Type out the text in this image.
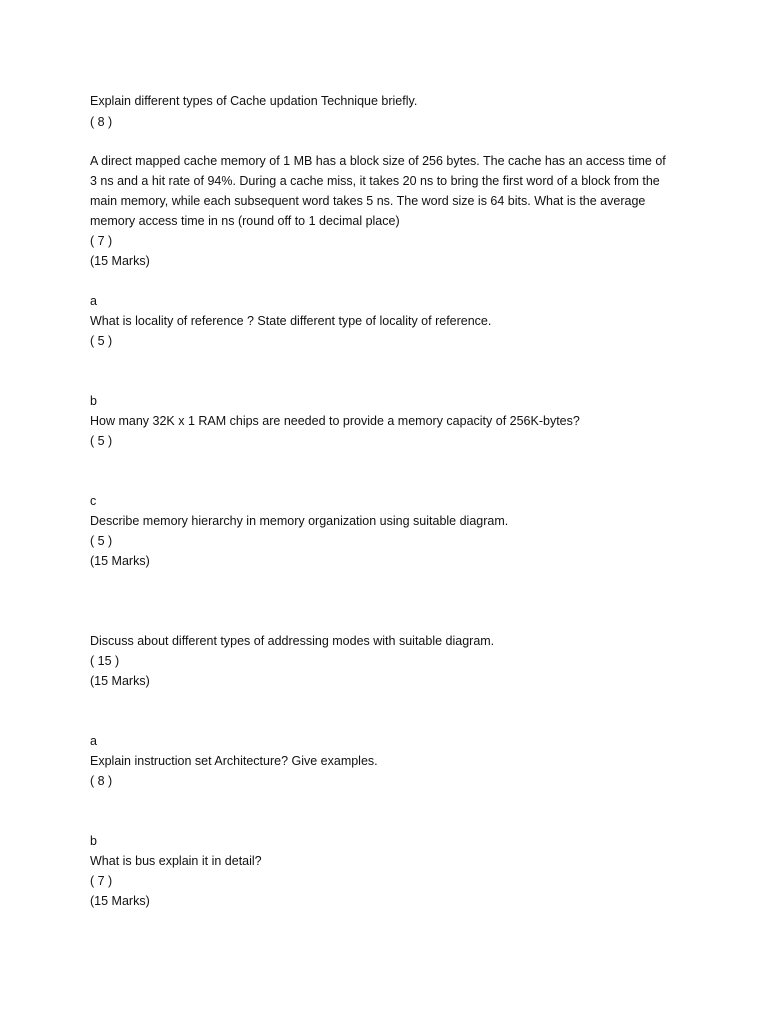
Explain different types of Cache updation Technique briefly.
( 8 )
A direct mapped cache memory of 1 MB has a block size of 256 bytes. The cache has an access time of 3 ns and a hit rate of 94%. During a cache miss, it takes 20 ns to bring the first word of a block from the main memory, while each subsequent word takes 5 ns. The word size is 64 bits. What is the average memory access time in ns (round off to 1 decimal place)
( 7 )
(15 Marks)
a
What is locality of reference ? State different type of locality of reference.
( 5 )
b
How many 32K x 1 RAM chips are needed to provide a memory capacity of 256K-bytes?
( 5 )
c
Describe memory hierarchy in memory organization using suitable diagram.
( 5 )
(15 Marks)
Discuss about different types of addressing modes with suitable diagram.
( 15 )
(15 Marks)
a
Explain instruction set Architecture? Give examples.
( 8 )
b
What is bus explain it in detail?
( 7 )
(15 Marks)
